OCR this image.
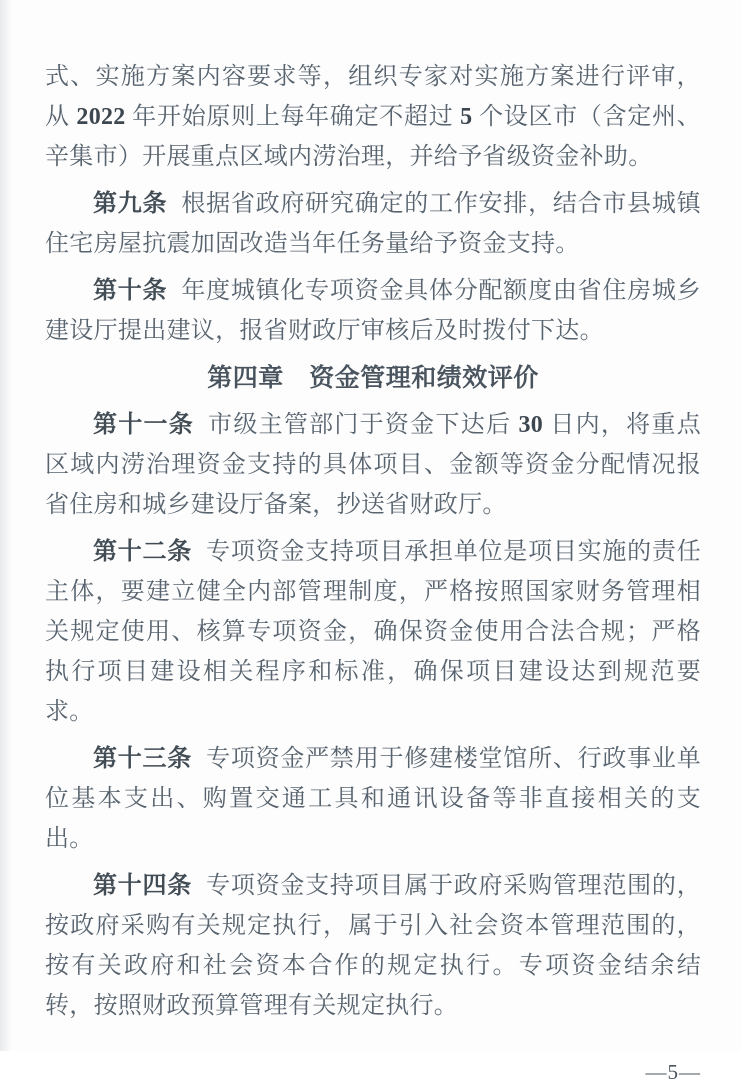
式、实施方案内容要求等，组织专家对实施方案进行评审，从 2022 年开始原则上每年确定不超过 5 个设区市（含定州、辛集市）开展重点区域内涝治理，并给予省级资金补助。

第九条 根据省政府研究确定的工作安排，结合市县城镇住宅房屋抗震加固改造当年任务量给予资金支持。

第十条 年度城镇化专项资金具体分配额度由省住房城乡建设厅提出建议，报省财政厅审核后及时拨付下达。

第四章　资金管理和绩效评价

第十一条 市级主管部门于资金下达后 30 日内，将重点区域内涝治理资金支持的具体项目、金额等资金分配情况报省住房和城乡建设厅备案，抄送省财政厅。

第十二条 专项资金支持项目承担单位是项目实施的责任主体，要建立健全内部管理制度，严格按照国家财务管理相关规定使用、核算专项资金，确保资金使用合法合规；严格执行项目建设相关程序和标准，确保项目建设达到规范要求。

第十三条 专项资金严禁用于修建楼堂馆所、行政事业单位基本支出、购置交通工具和通讯设备等非直接相关的支出。

第十四条 专项资金支持项目属于政府采购管理范围的，按政府采购有关规定执行，属于引入社会资本管理范围的，按有关政府和社会资本合作的规定执行。专项资金结余结转，按照财政预算管理有关规定执行。

—5—
